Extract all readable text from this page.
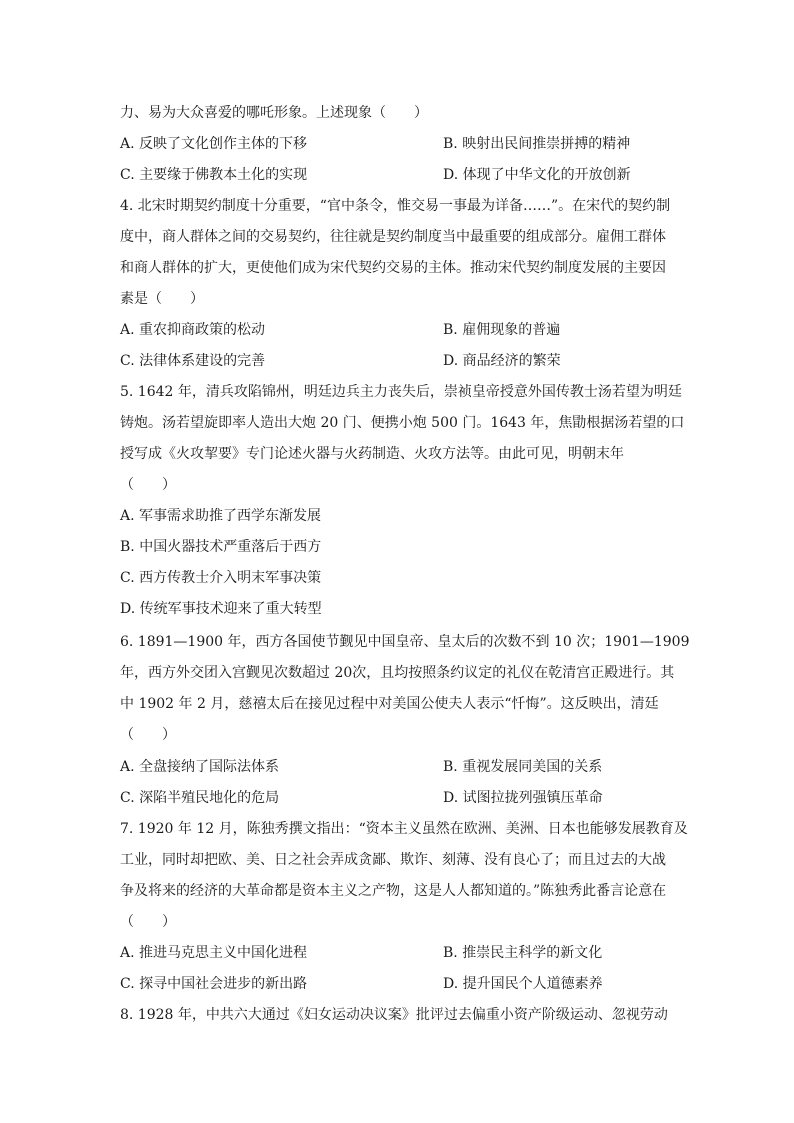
力、易为大众喜爱的哪吒形象。上述现象（　　）
A. 反映了文化创作主体的下移	B. 映射出民间推崇拼搏的精神
C. 主要缘于佛教本土化的实现	D. 体现了中华文化的开放创新
4. 北宋时期契约制度十分重要，“官中条令，惟交易一事最为详备……”。在宋代的契约制
度中，商人群体之间的交易契约，往往就是契约制度当中最重要的组成部分。雇佣工群体
和商人群体的扩大，更使他们成为宋代契约交易的主体。推动宋代契约制度发展的主要因
素是（　　）
A. 重农抑商政策的松动	B. 雇佣现象的普遍
C. 法律体系建设的完善	D. 商品经济的繁荣
5. 1642 年，清兵攻陷锦州，明廷边兵主力丧失后，崇祯皇帝授意外国传教士汤若望为明廷
铸炮。汤若望旋即率人造出大炮 20 门、便携小炮 500 门。1643 年，焦勖根据汤若望的口
授写成《火攻挈要》专门论述火器与火药制造、火攻方法等。由此可见，明朝末年
（　　）
A. 军事需求助推了西学东渐发展
B. 中国火器技术严重落后于西方
C. 西方传教士介入明末军事决策
D. 传统军事技术迎来了重大转型
6. 1891—1900 年，西方各国使节觐见中国皇帝、皇太后的次数不到 10 次；1901—1909
年，西方外交团入宫觐见次数超过 20次，且均按照条约议定的礼仪在乾清宫正殿进行。其
中 1902 年 2 月，慈禧太后在接见过程中对美国公使夫人表示“忏悔”。这反映出，清廷
（　　）
A. 全盘接纳了国际法体系	B. 重视发展同美国的关系
C. 深陷半殖民地化的危局	D. 试图拉拢列强镇压革命
7. 1920 年 12 月，陈独秀撰文指出：“资本主义虽然在欧洲、美洲、日本也能够发展教育及
工业，同时却把欧、美、日之社会弄成贪鄙、欺诈、刻薄、没有良心了；而且过去的大战
争及将来的经济的大革命都是资本主义之产物，这是人人都知道的。”陈独秀此番言论意在
（　　）
A. 推进马克思主义中国化进程	B. 推崇民主科学的新文化
C. 探寻中国社会进步的新出路	D. 提升国民个人道德素养
8. 1928 年，中共六大通过《妇女运动决议案》批评过去偏重小资产阶级运动、忽视劳动
